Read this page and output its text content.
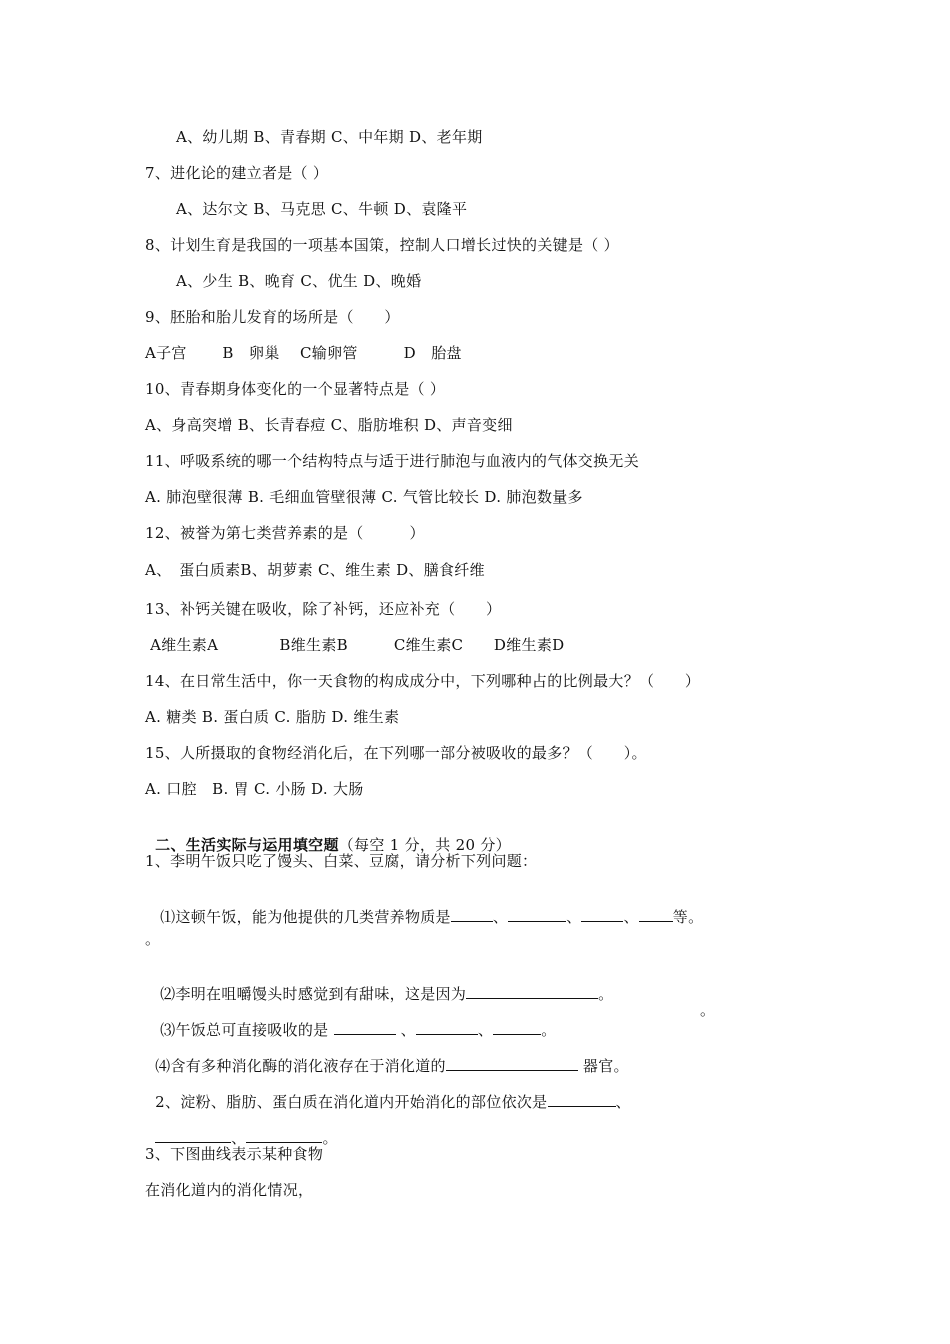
A、幼儿期 B、青春期 C、中年期 D、老年期
7、进化论的建立者是（ ）
A、达尔文 B、马克思 C、牛顿 D、袁隆平
8、计划生育是我国的一项基本国策，控制人口增长过快的关键是（ ）
A、少生 B、晚育 C、优生 D、晚婚
9、胚胎和胎儿发育的场所是（　　）
A子宫　　 B　卵巢　 C输卵管　　　D　胎盘
10、青春期身体变化的一个显著特点是（ ）
A、身高突增 B、长青春痘 C、脂肪堆积 D、声音变细
11、呼吸系统的哪一个结构特点与适于进行肺泡与血液内的气体交换无关
A. 肺泡壁很薄 B. 毛细血管壁很薄 C. 气管比较长 D. 肺泡数量多
12、被誉为第七类营养素的是（　　　）
A、　蛋白质素B、胡萝素 C、维生素 D、膳食纤维
13、补钙关键在吸收，除了补钙，还应补充（　　）
A维生素A　　　　B维生素B　　　C维生素C　　D维生素D
14、在日常生活中，你一天食物的构成成分中，下列哪种占的比例最大？（　　）
A. 糖类 B. 蛋白质 C. 脂肪 D. 维生素
15、人所摄取的食物经消化后，在下列哪一部分被吸收的最多？（　　）。
A. 口腔　B. 胃 C. 小肠 D. 大肠

二、生活实际与运用填空题（每空 1 分，共 20 分）

1、李明午饭只吃了馒头、白菜、豆腐，请分析下列问题：

⑴这顿午饭，能为他提供的几类营养物质是	、	、	、 等。

。

⑵李明在咀嚼馒头时感觉到有甜味，这是因为	。

⑶午饭总可直接吸收的是	、	、	。

。

⑷含有多种消化酶的消化液存在于消化道的	器官。

2、淀粉、脂肪、蛋白质在消化道内开始消化的部位依次是	、

、	。

3、下图曲线表示某种食物
在消化道内的消化情况，
